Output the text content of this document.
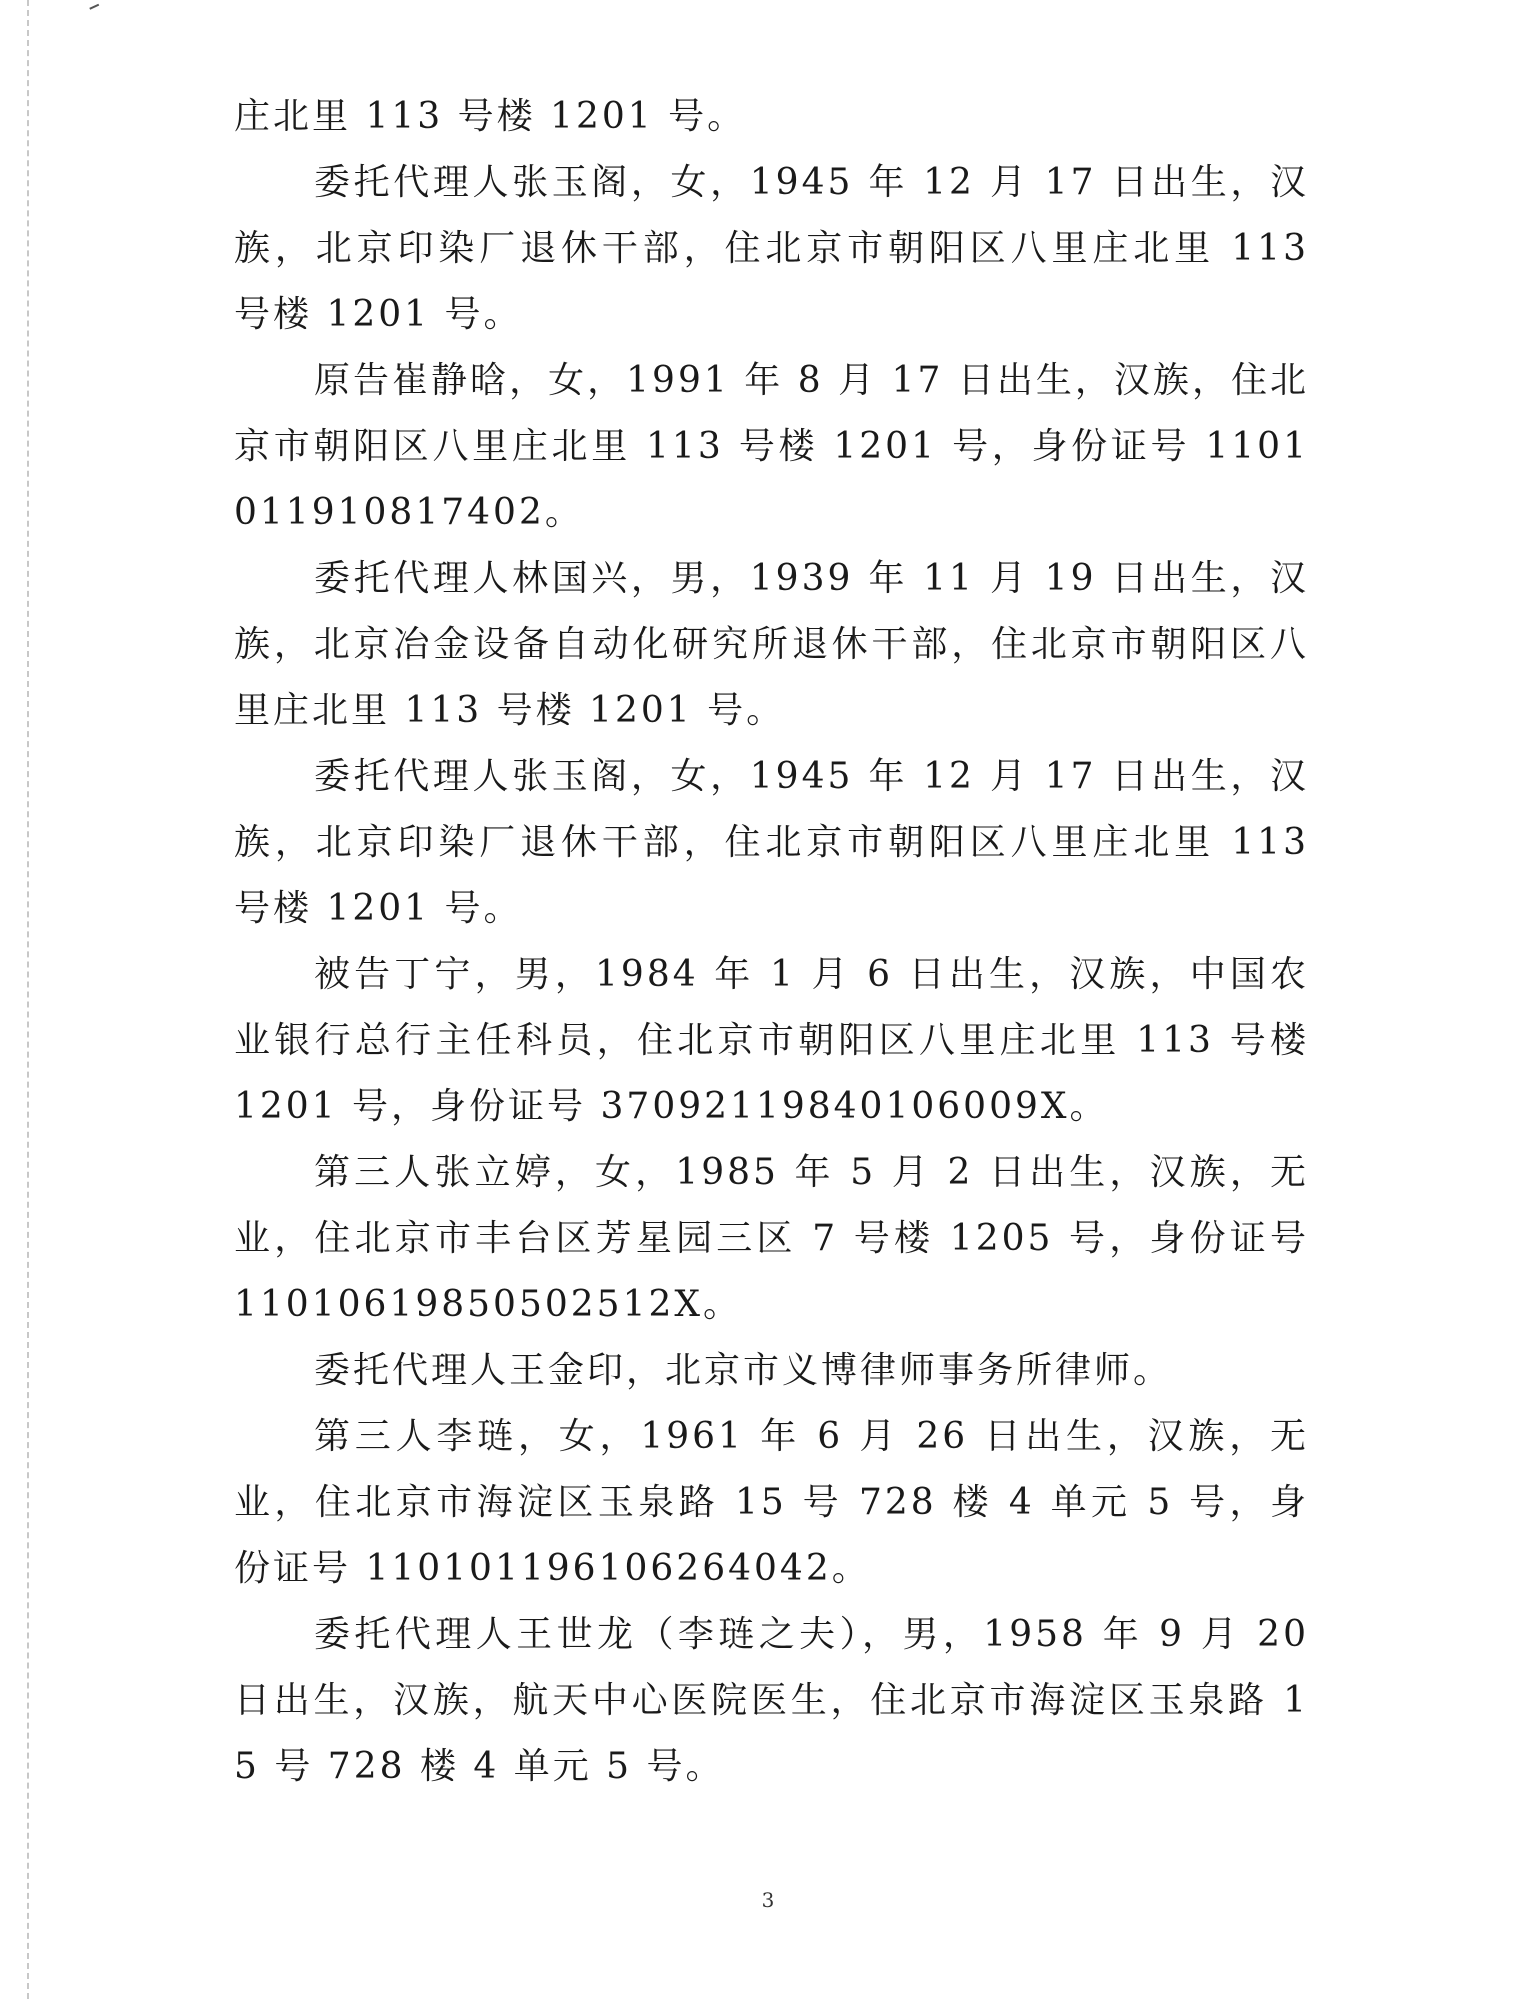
庄北里 113 号楼 1201 号。

委托代理人张玉阁，女，1945 年 12 月 17 日出生，汉族，北京印染厂退休干部，住北京市朝阳区八里庄北里 113 号楼 1201 号。

原告崔静晗，女，1991 年 8 月 17 日出生，汉族，住北京市朝阳区八里庄北里 113 号楼 1201 号，身份证号 1101011910817402。

委托代理人林国兴，男，1939 年 11 月 19 日出生，汉族，北京冶金设备自动化研究所退休干部，住北京市朝阳区八里庄北里 113 号楼 1201 号。

委托代理人张玉阁，女，1945 年 12 月 17 日出生，汉族，北京印染厂退休干部，住北京市朝阳区八里庄北里 113 号楼 1201 号。

被告丁宁，男，1984 年 1 月 6 日出生，汉族，中国农业银行总行主任科员，住北京市朝阳区八里庄北里 113 号楼 1201 号，身份证号 37092119840106009X。

第三人张立婷，女，1985 年 5 月 2 日出生，汉族，无业，住北京市丰台区芳星园三区 7 号楼 1205 号，身份证号 11010619850502512X。

委托代理人王金印，北京市义博律师事务所律师。

第三人李琏，女，1961 年 6 月 26 日出生，汉族，无业，住北京市海淀区玉泉路 15 号 728 楼 4 单元 5 号，身份证号 110101196106264042。

委托代理人王世龙（李琏之夫），男，1958 年 9 月 20 日出生，汉族，航天中心医院医生，住北京市海淀区玉泉路 15 号 728 楼 4 单元 5 号。

3
